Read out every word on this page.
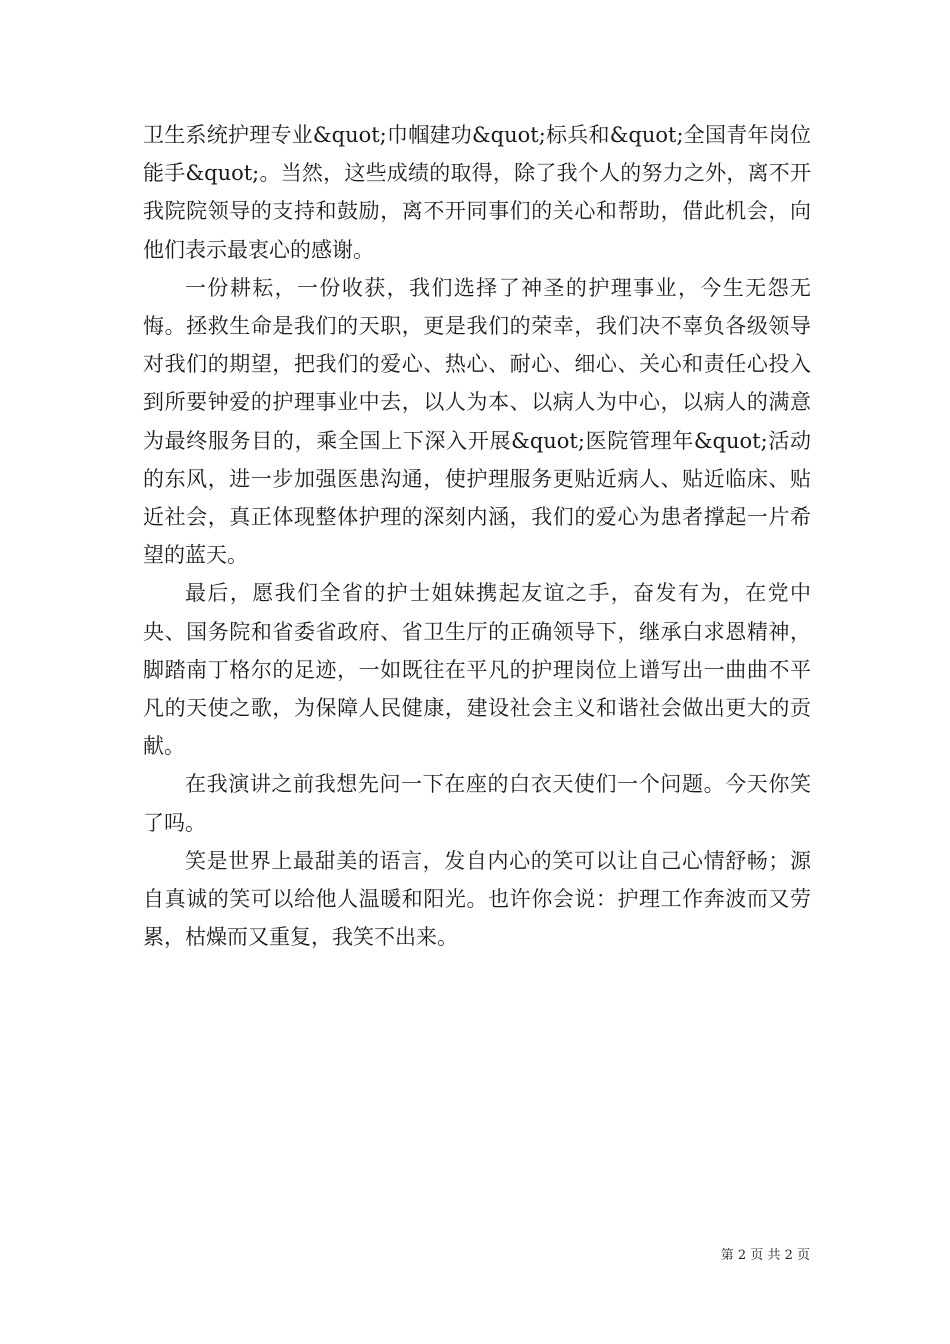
卫生系统护理专业&quot;巾帼建功&quot;标兵和&quot;全国青年岗位能手&quot;。当然，这些成绩的取得，除了我个人的努力之外，离不开我院院领导的支持和鼓励，离不开同事们的关心和帮助，借此机会，向他们表示最衷心的感谢。

一份耕耘，一份收获，我们选择了神圣的护理事业，今生无怨无悔。拯救生命是我们的天职，更是我们的荣幸，我们决不辜负各级领导对我们的期望，把我们的爱心、热心、耐心、细心、关心和责任心投入到所要钟爱的护理事业中去，以人为本、以病人为中心，以病人的满意为最终服务目的，乘全国上下深入开展&quot;医院管理年&quot;活动的东风，进一步加强医患沟通，使护理服务更贴近病人、贴近临床、贴近社会，真正体现整体护理的深刻内涵，我们的爱心为患者撑起一片希望的蓝天。

最后，愿我们全省的护士姐妹携起友谊之手，奋发有为，在党中央、国务院和省委省政府、省卫生厅的正确领导下，继承白求恩精神，脚踏南丁格尔的足迹，一如既往在平凡的护理岗位上谱写出一曲曲不平凡的天使之歌，为保障人民健康，建设社会主义和谐社会做出更大的贡献。

在我演讲之前我想先问一下在座的白衣天使们一个问题。今天你笑了吗。

笑是世界上最甜美的语言，发自内心的笑可以让自己心情舒畅；源自真诚的笑可以给他人温暖和阳光。也许你会说：护理工作奔波而又劳累，枯燥而又重复，我笑不出来。

第 2 页 共 2 页
